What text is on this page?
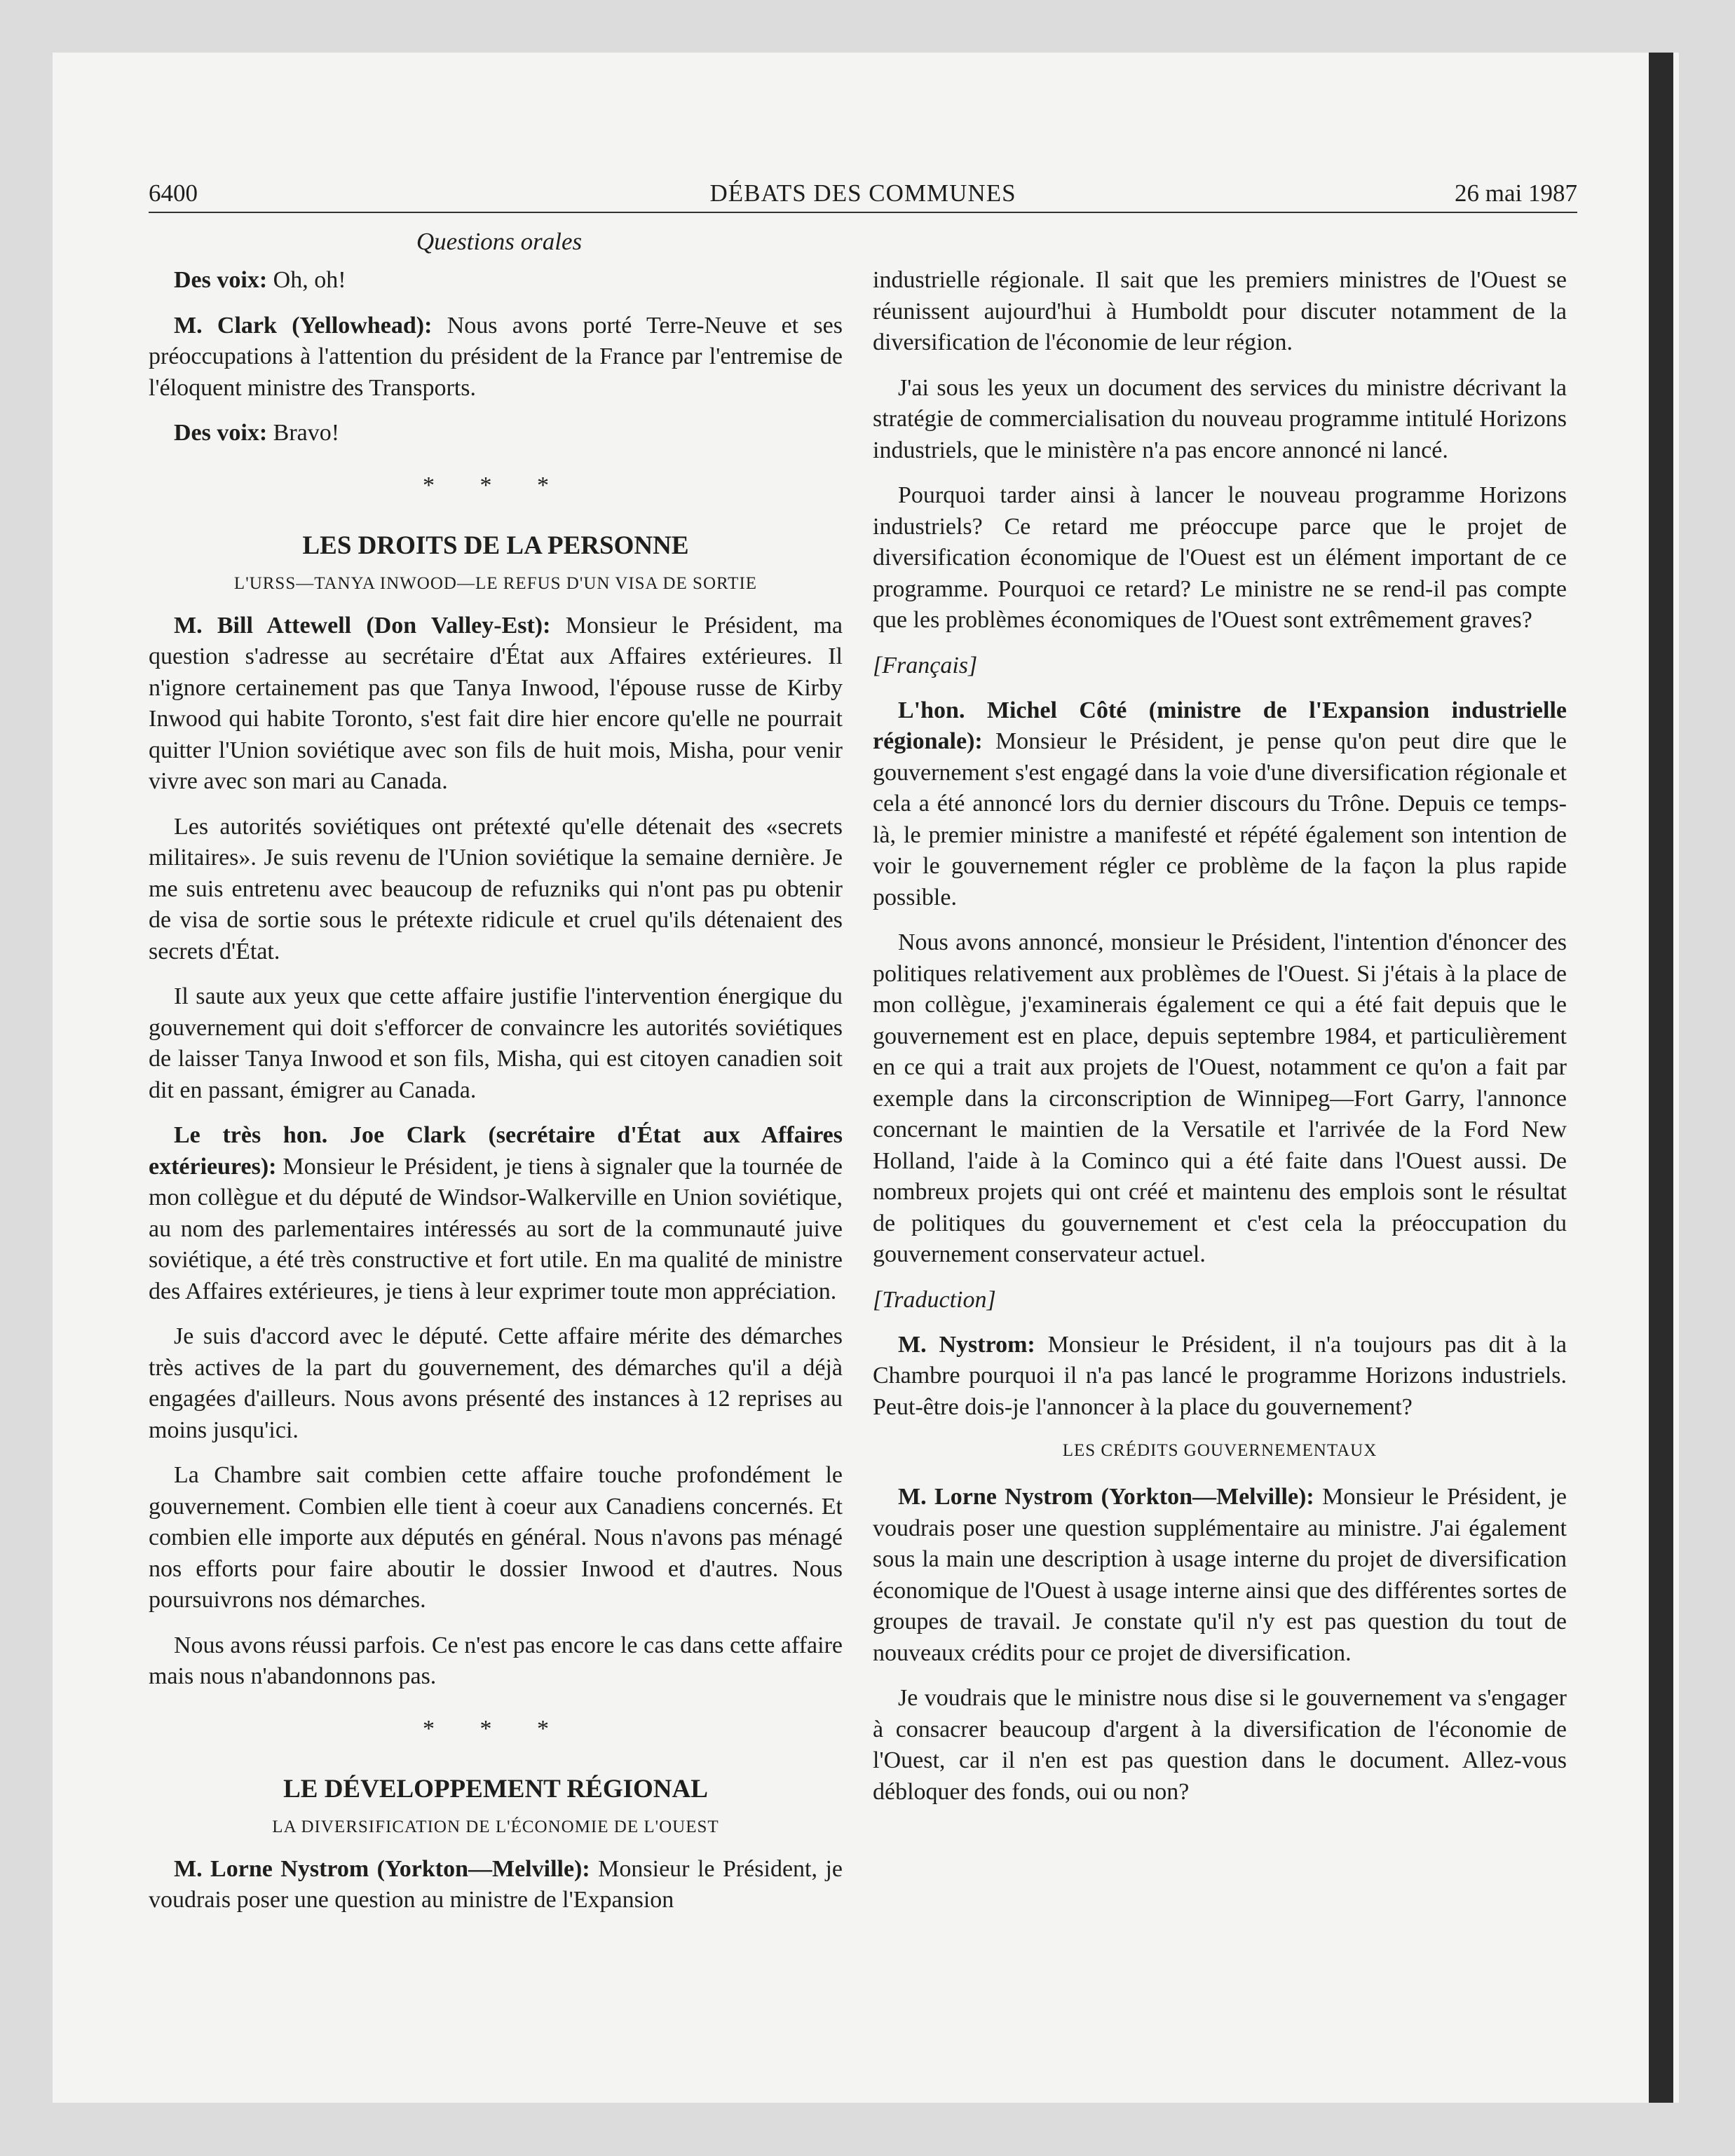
6400	DÉBATS DES COMMUNES	26 mai 1987
Questions orales

Des voix: Oh, oh!

M. Clark (Yellowhead): Nous avons porté Terre-Neuve et ses préoccupations à l'attention du président de la France par l'entremise de l'éloquent ministre des Transports.

Des voix: Bravo!

* * *
LES DROITS DE LA PERSONNE
L'URSS—TANYA INWOOD—LE REFUS D'UN VISA DE SORTIE

M. Bill Attewell (Don Valley-Est): Monsieur le Président, ma question s'adresse au secrétaire d'État aux Affaires extérieures. Il n'ignore certainement pas que Tanya Inwood, l'épouse russe de Kirby Inwood qui habite Toronto, s'est fait dire hier encore qu'elle ne pourrait quitter l'Union soviétique avec son fils de huit mois, Misha, pour venir vivre avec son mari au Canada.

Les autorités soviétiques ont prétexté qu'elle détenait des «secrets militaires». Je suis revenu de l'Union soviétique la semaine dernière. Je me suis entretenu avec beaucoup de refuzniks qui n'ont pas pu obtenir de visa de sortie sous le prétexte ridicule et cruel qu'ils détenaient des secrets d'État.

Il saute aux yeux que cette affaire justifie l'intervention énergique du gouvernement qui doit s'efforcer de convaincre les autorités soviétiques de laisser Tanya Inwood et son fils, Misha, qui est citoyen canadien soit dit en passant, émigrer au Canada.

Le très hon. Joe Clark (secrétaire d'État aux Affaires extérieures): Monsieur le Président, je tiens à signaler que la tournée de mon collègue et du député de Windsor-Walkerville en Union soviétique, au nom des parlementaires intéressés au sort de la communauté juive soviétique, a été très constructive et fort utile. En ma qualité de ministre des Affaires extérieures, je tiens à leur exprimer toute mon appréciation.

Je suis d'accord avec le député. Cette affaire mérite des démarches très actives de la part du gouvernement, des démarches qu'il a déjà engagées d'ailleurs. Nous avons présenté des instances à 12 reprises au moins jusqu'ici.

La Chambre sait combien cette affaire touche profondément le gouvernement. Combien elle tient à coeur aux Canadiens concernés. Et combien elle importe aux députés en général. Nous n'avons pas ménagé nos efforts pour faire aboutir le dossier Inwood et d'autres. Nous poursuivrons nos démarches.

Nous avons réussi parfois. Ce n'est pas encore le cas dans cette affaire mais nous n'abandonnons pas.

* * *
LE DÉVELOPPEMENT RÉGIONAL
LA DIVERSIFICATION DE L'ÉCONOMIE DE L'OUEST

M. Lorne Nystrom (Yorkton—Melville): Monsieur le Président, je voudrais poser une question au ministre de l'Expansion

industrielle régionale. Il sait que les premiers ministres de l'Ouest se réunissent aujourd'hui à Humboldt pour discuter notamment de la diversification de l'économie de leur région.

J'ai sous les yeux un document des services du ministre décrivant la stratégie de commercialisation du nouveau programme intitulé Horizons industriels, que le ministère n'a pas encore annoncé ni lancé.

Pourquoi tarder ainsi à lancer le nouveau programme Horizons industriels? Ce retard me préoccupe parce que le projet de diversification économique de l'Ouest est un élément important de ce programme. Pourquoi ce retard? Le ministre ne se rend-il pas compte que les problèmes économiques de l'Ouest sont extrêmement graves?

[Français]

L'hon. Michel Côté (ministre de l'Expansion industrielle régionale): Monsieur le Président, je pense qu'on peut dire que le gouvernement s'est engagé dans la voie d'une diversification régionale et cela a été annoncé lors du dernier discours du Trône. Depuis ce temps-là, le premier ministre a manifesté et répété également son intention de voir le gouvernement régler ce problème de la façon la plus rapide possible.

Nous avons annoncé, monsieur le Président, l'intention d'énoncer des politiques relativement aux problèmes de l'Ouest. Si j'étais à la place de mon collègue, j'examinerais également ce qui a été fait depuis que le gouvernement est en place, depuis septembre 1984, et particulièrement en ce qui a trait aux projets de l'Ouest, notamment ce qu'on a fait par exemple dans la circonscription de Winnipeg—Fort Garry, l'annonce concernant le maintien de la Versatile et l'arrivée de la Ford New Holland, l'aide à la Cominco qui a été faite dans l'Ouest aussi. De nombreux projets qui ont créé et maintenu des emplois sont le résultat de politiques du gouvernement et c'est cela la préoccupation du gouvernement conservateur actuel.

[Traduction]

M. Nystrom: Monsieur le Président, il n'a toujours pas dit à la Chambre pourquoi il n'a pas lancé le programme Horizons industriels. Peut-être dois-je l'annoncer à la place du gouvernement?

LES CRÉDITS GOUVERNEMENTAUX

M. Lorne Nystrom (Yorkton—Melville): Monsieur le Président, je voudrais poser une question supplémentaire au ministre. J'ai également sous la main une description à usage interne du projet de diversification économique de l'Ouest à usage interne ainsi que des différentes sortes de groupes de travail. Je constate qu'il n'y est pas question du tout de nouveaux crédits pour ce projet de diversification.

Je voudrais que le ministre nous dise si le gouvernement va s'engager à consacrer beaucoup d'argent à la diversification de l'économie de l'Ouest, car il n'en est pas question dans le document. Allez-vous débloquer des fonds, oui ou non?
